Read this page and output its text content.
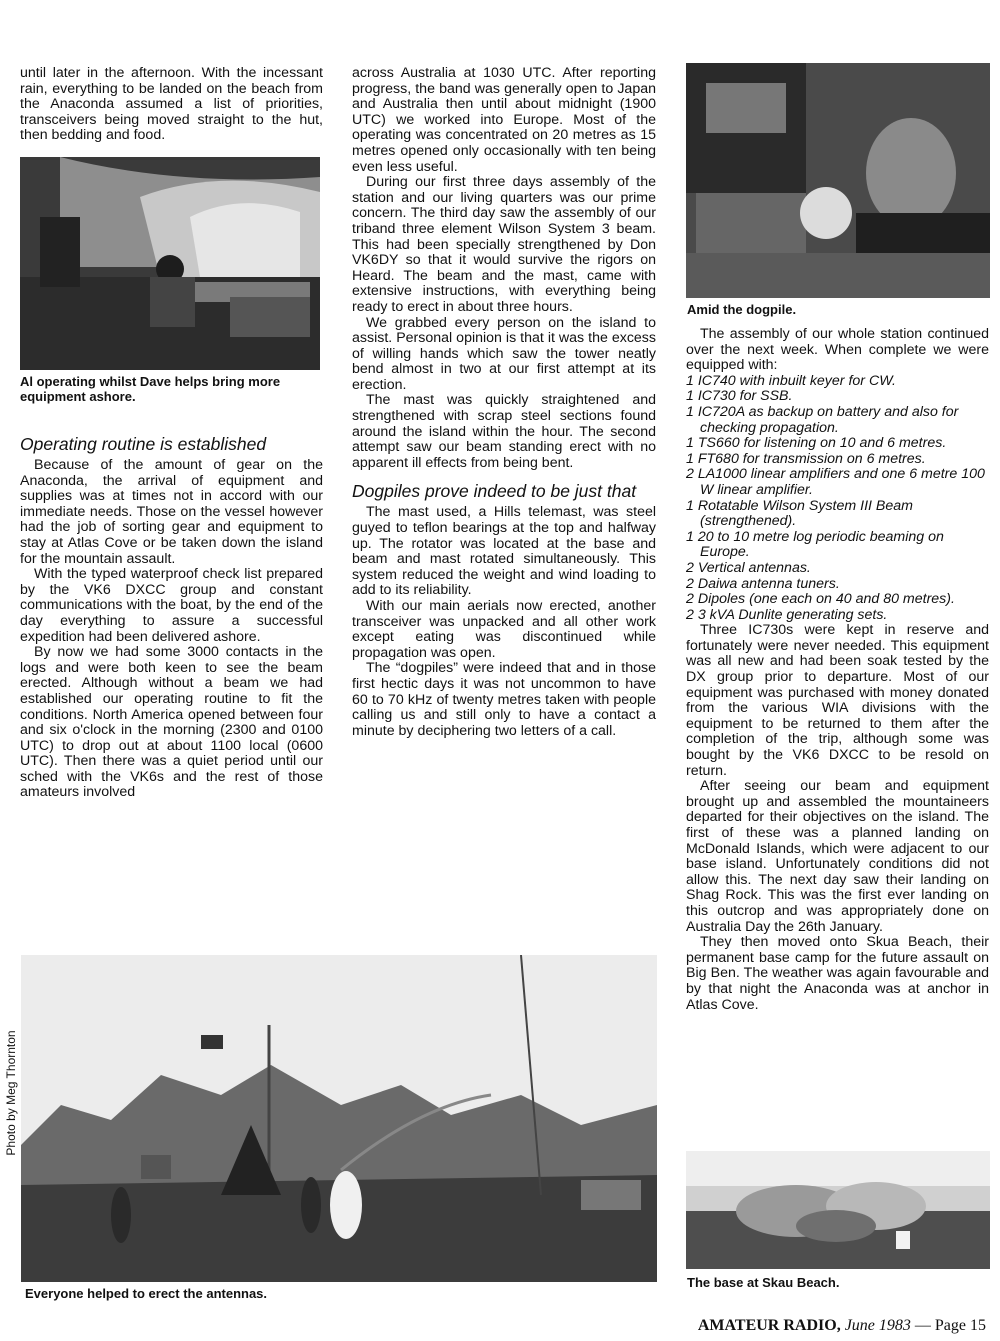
until later in the afternoon. With the incessant rain, everything to be landed on the beach from the Anaconda assumed a list of priorities, transceivers being moved straight to the hut, then bedding and food.

Al operating whilst Dave helps bring more equipment ashore.
Operating routine is established

Because of the amount of gear on the Anaconda, the arrival of equipment and supplies was at times not in accord with our immediate needs. Those on the vessel however had the job of sorting gear and equipment to stay at Atlas Cove or be taken down the island for the mountain assault.

With the typed waterproof check list prepared by the VK6 DXCC group and constant communications with the boat, by the end of the day everything to assure a successful expedition had been delivered ashore.

By now we had some 3000 contacts in the logs and were both keen to see the beam erected. Although without a beam we had established our operating routine to fit the conditions. North America opened between four and six o'clock in the morning (2300 and 0100 UTC) to drop out at about 1100 local (0600 UTC). Then there was a quiet period until our sched with the VK6s and the rest of those amateurs involved

across Australia at 1030 UTC. After reporting progress, the band was generally open to Japan and Australia then until about midnight (1900 UTC) we worked into Europe. Most of the operating was concentrated on 20 metres as 15 metres opened only occasionally with ten being even less useful.

During our first three days assembly of the station and our living quarters was our prime concern. The third day saw the assembly of our triband three element Wilson System 3 beam. This had been specially strengthened by Don VK6DY so that it would survive the rigors on Heard. The beam and the mast, came with extensive instructions, with everything being ready to erect in about three hours.

We grabbed every person on the island to assist. Personal opinion is that it was the excess of willing hands which saw the tower neatly bend almost in two at our first attempt at its erection.

The mast was quickly straightened and strengthened with scrap steel sections found around the island within the hour. The second attempt saw our beam standing erect with no apparent ill effects from being bent.

Dogpiles prove indeed to be just that

The mast used, a Hills telemast, was steel guyed to teflon bearings at the top and halfway up. The rotator was located at the base and beam and mast rotated simultaneously. This system reduced the weight and wind loading to add to its reliability.

With our main aerials now erected, another transceiver was unpacked and all other work except eating was discontinued while propagation was open.

The “dogpiles” were indeed that and in those first hectic days it was not uncommon to have 60 to 70 kHz of twenty metres taken with people calling us and still only to have a contact a minute by deciphering two letters of a call.

Amid the dogpile.

The assembly of our whole station continued over the next week. When complete we were equipped with:

1 IC740 with inbuilt keyer for CW.
1 IC730 for SSB.
1 IC720A as backup on battery and also for checking propagation.
1 TS660 for listening on 10 and 6 metres.
1 FT680 for transmission on 6 metres.
2 LA1000 linear amplifiers and one 6 metre 100 W linear amplifier.
1 Rotatable Wilson System III Beam (strengthened).
1 20 to 10 metre log periodic beaming on Europe.
2 Vertical antennas.
2 Daiwa antenna tuners.
2 Dipoles (one each on 40 and 80 metres).
2 3 kVA Dunlite generating sets.

Three IC730s were kept in reserve and fortunately were never needed. This equipment was all new and had been soak tested by the DX group prior to departure. Most of our equipment was purchased with money donated from the various WIA divisions with the equipment to be returned to them after the completion of the trip, although some was bought by the VK6 DXCC to be resold on return.

After seeing our beam and equipment brought up and assembled the mountaineers departed for their objectives on the island. The first of these was a planned landing on McDonald Islands, which were adjacent to our base island. Unfortunately conditions did not allow this. The next day saw their landing on Shag Rock. This was the first ever landing on this outcrop and was appropriately done on Australia Day the 26th January.

They then moved onto Skua Beach, their permanent base camp for the future assault on Big Ben. The weather was again favourable and by that night the Anaconda was at anchor in Atlas Cove.

The base at Skau Beach.
Photo by Meg Thornton
Everyone helped to erect the antennas.
AMATEUR RADIO, June 1983 — Page 15
